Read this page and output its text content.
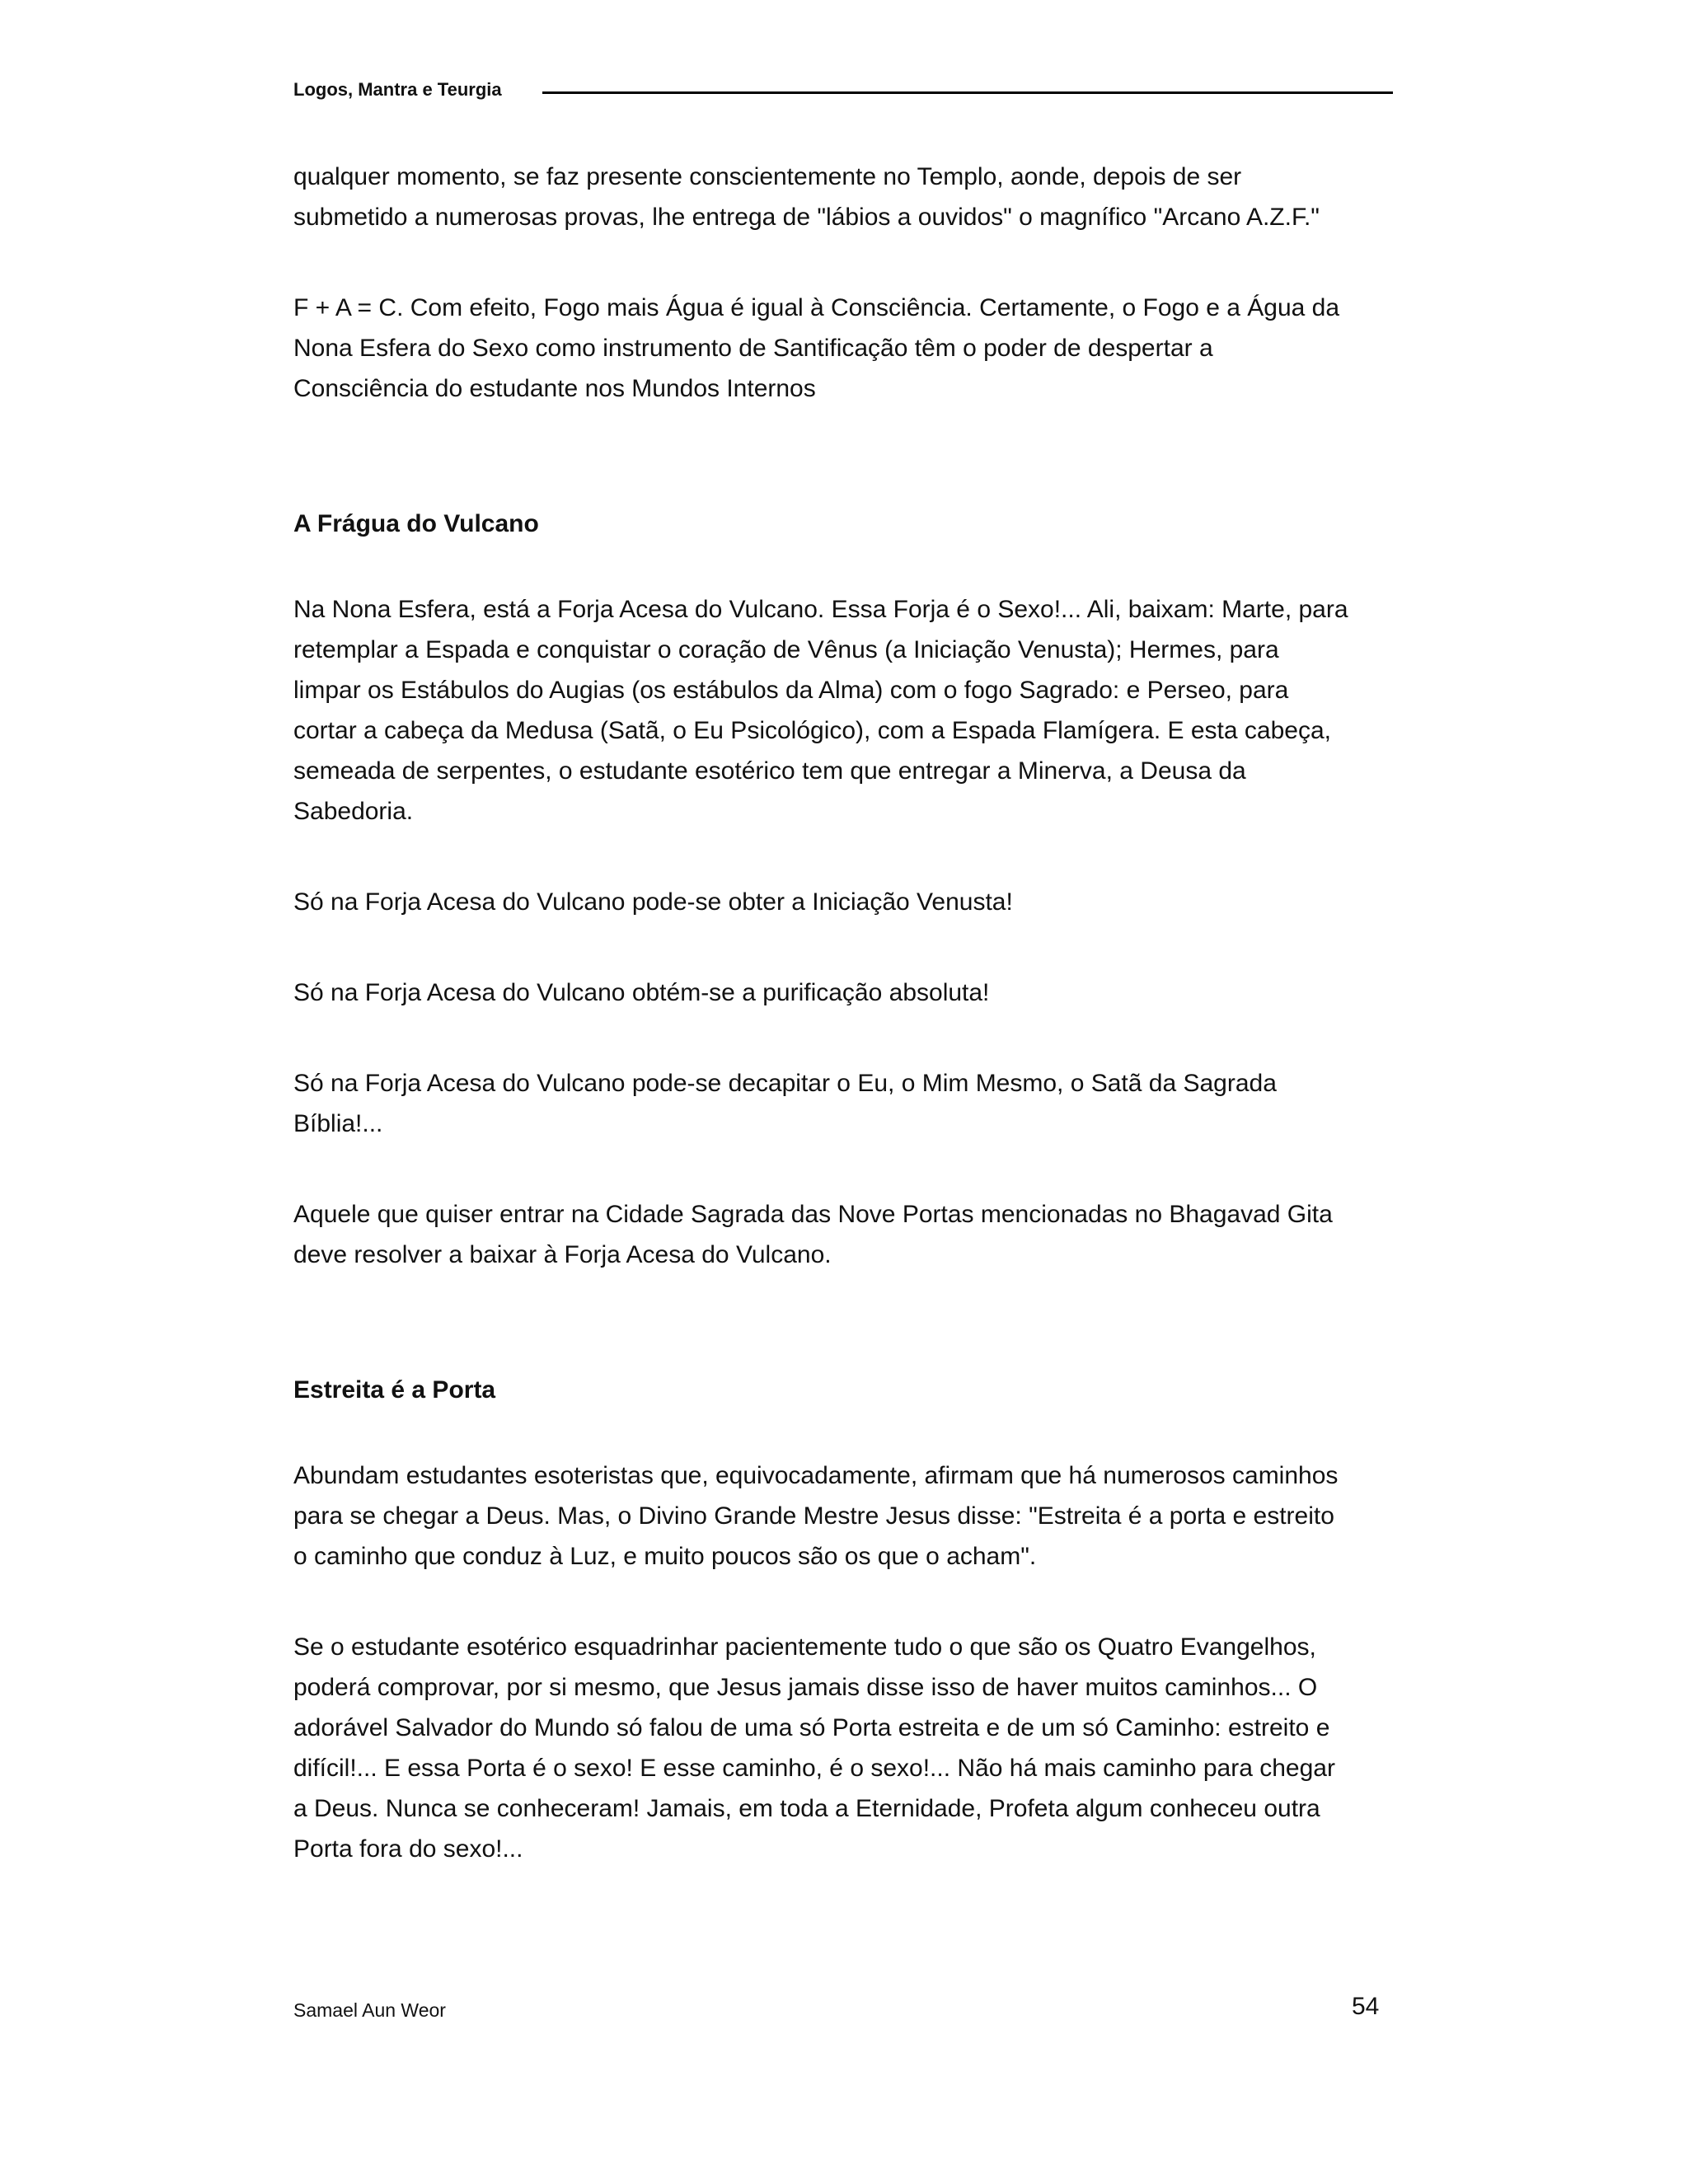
Logos, Mantra e Teurgia

qualquer momento, se faz presente conscientemente no Templo, aonde, depois de ser submetido a numerosas provas, lhe entrega de "lábios a ouvidos" o magnífico "Arcano A.Z.F."

F + A = C. Com efeito, Fogo mais Água é igual à Consciência. Certamente, o Fogo e a Água da Nona Esfera do Sexo como instrumento de Santificação têm o poder de despertar a Consciência do estudante nos Mundos Internos

A Frágua do Vulcano

Na Nona Esfera, está a Forja Acesa do Vulcano. Essa Forja é o Sexo!... Ali, baixam: Marte, para retemplar a Espada e conquistar o coração de Vênus (a Iniciação Venusta); Hermes, para limpar os Estábulos do Augias (os estábulos da Alma) com o fogo Sagrado: e Perseo, para cortar a cabeça da Medusa (Satã, o Eu Psicológico), com a Espada Flamígera. E esta cabeça, semeada de serpentes, o estudante esotérico tem que entregar a Minerva, a Deusa da Sabedoria.

Só na Forja Acesa do Vulcano pode-se obter a Iniciação Venusta!

Só na Forja Acesa do Vulcano obtém-se a purificação absoluta!

Só na Forja Acesa do Vulcano pode-se decapitar o Eu, o Mim Mesmo, o Satã da Sagrada Bíblia!...

Aquele que quiser entrar na Cidade Sagrada das Nove Portas mencionadas no Bhagavad Gita deve resolver a baixar à Forja Acesa do Vulcano.

Estreita é a Porta

Abundam estudantes esoteristas que, equivocadamente, afirmam que há numerosos caminhos para se chegar a Deus. Mas, o Divino Grande Mestre Jesus disse: "Estreita é a porta e estreito o caminho que conduz à Luz, e muito poucos são os que o acham".

Se o estudante esotérico esquadrinhar pacientemente tudo o que são os Quatro Evangelhos, poderá comprovar, por si mesmo, que Jesus jamais disse isso de haver muitos caminhos... O adorável Salvador do Mundo só falou de uma só Porta estreita e de um só Caminho: estreito e difícil!... E essa Porta é o sexo! E esse caminho, é o sexo!... Não há mais caminho para chegar a Deus. Nunca se conheceram! Jamais, em toda a Eternidade, Profeta algum conheceu outra Porta fora do sexo!...

Samael Aun Weor	54
